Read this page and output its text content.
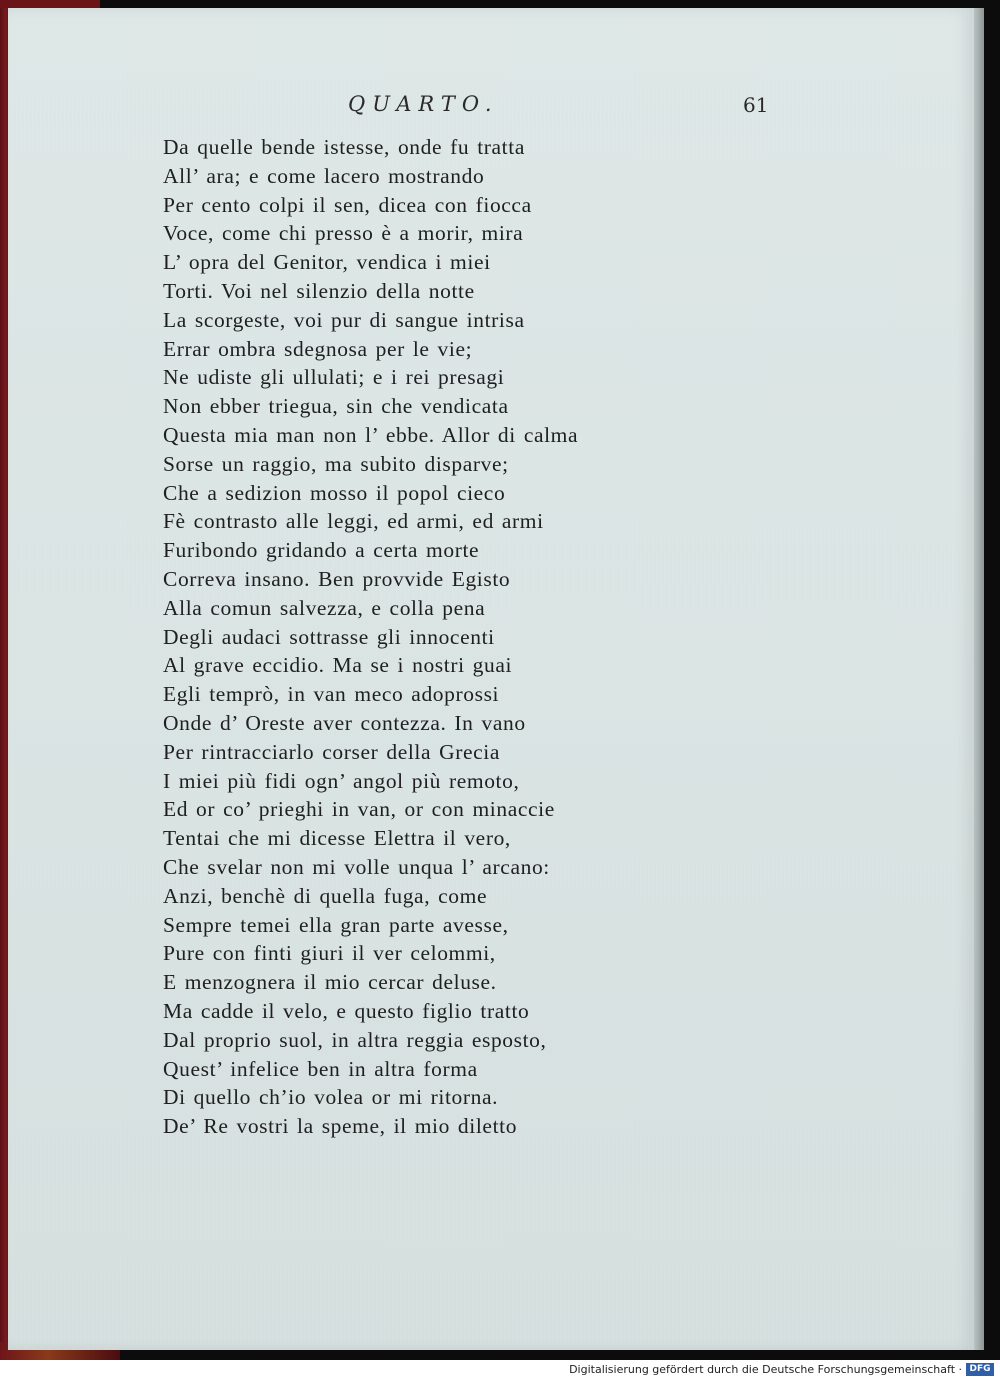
QUARTO.	61
Da quelle bende istesse, onde fu tratta
All’ ara; e come lacero mostrando
Per cento colpi il sen, dicea con fiocca
Voce, come chi presso è a morir, mira
L’ opra del Genitor, vendica i miei
Torti. Voi nel silenzio della notte
La scorgeste, voi pur di sangue intrisa
Errar ombra sdegnosa per le vie;
Ne udiste gli ullulati; e i rei presagi
Non ebber triegua, sin che vendicata
Questa mia man non l’ ebbe. Allor di calma
Sorse un raggio, ma subito disparve;
Che a sedizion mosso il popol cieco
Fè contrasto alle leggi, ed armi, ed armi
Furibondo gridando a certa morte
Correva insano. Ben provvide Egisto
Alla comun salvezza, e colla pena
Degli audaci sottrasse gli innocenti
Al grave eccidio. Ma se i nostri guai
Egli temprò, in van meco adoprossi
Onde d’ Oreste aver contezza. In vano
Per rintracciarlo corser della Grecia
I miei più fidi ogn’ angol più remoto,
Ed or co’ prieghi in van, or con minaccie
Tentai che mi dicesse Elettra il vero,
Che svelar non mi volle unqua l’ arcano:
Anzi, benchè di quella fuga, come
Sempre temei ella gran parte avesse,
Pure con finti giuri il ver celommi,
E menzognera il mio cercar deluse.
Ma cadde il velo, e questo figlio tratto
Dal proprio suol, in altra reggia esposto,
Quest’ infelice ben in altra forma
Di quello ch’io volea or mi ritorna.
De’ Re vostri la speme, il mio diletto
Digitalisierung gefördert durch die Deutsche Forschungsgemeinschaft · DFG
